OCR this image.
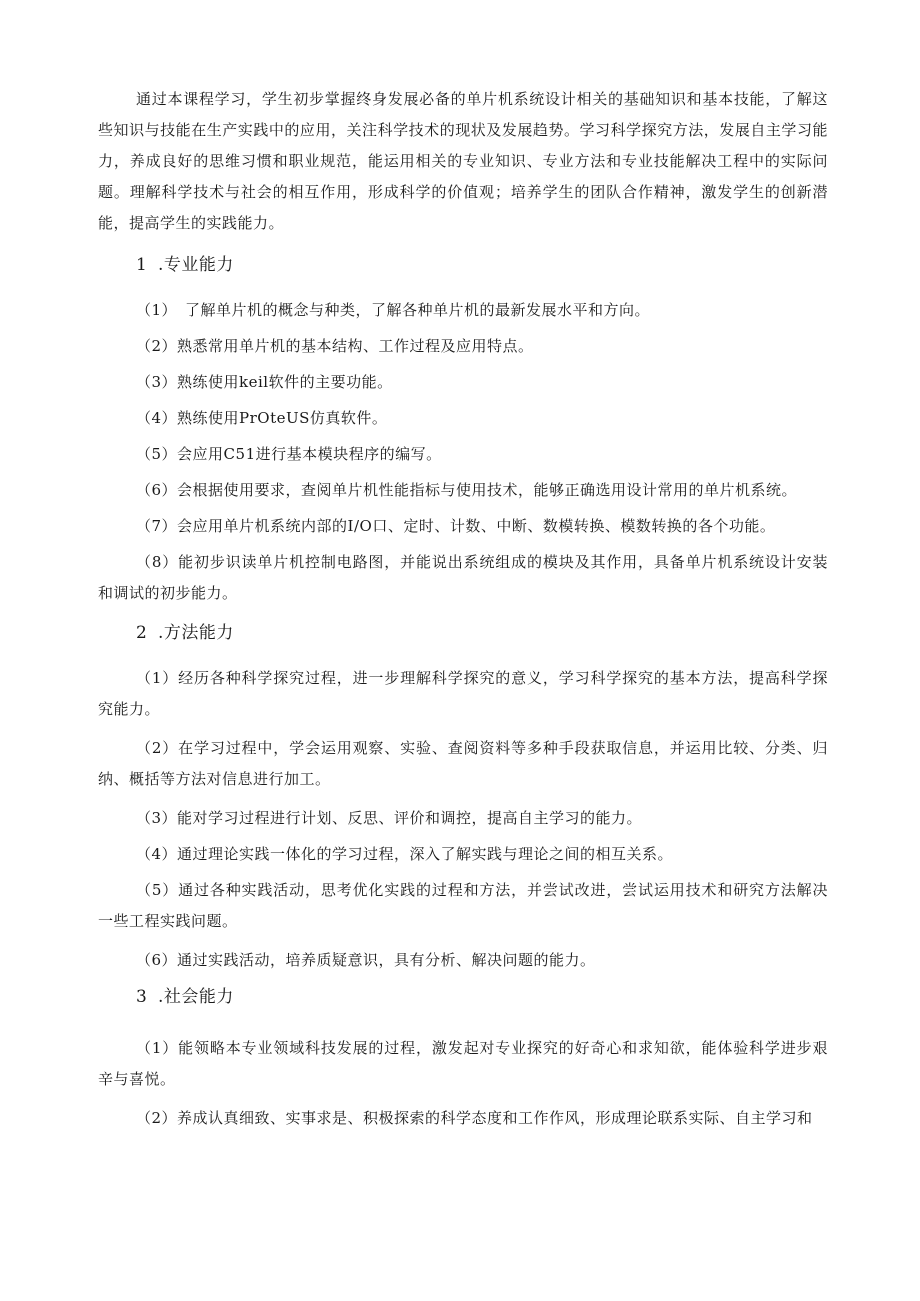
通过本课程学习，学生初步掌握终身发展必备的单片机系统设计相关的基础知识和基本技能，了解这些知识与技能在生产实践中的应用，关注科学技术的现状及发展趋势。学习科学探究方法，发展自主学习能力，养成良好的思维习惯和职业规范，能运用相关的专业知识、专业方法和专业技能解决工程中的实际问题。理解科学技术与社会的相互作用，形成科学的价值观；培养学生的团队合作精神，激发学生的创新潜能，提高学生的实践能力。

1 .专业能力

（1）　了解单片机的概念与种类，了解各种单片机的最新发展水平和方向。

（2）熟悉常用单片机的基本结构、工作过程及应用特点。

（3）熟练使用keil软件的主要功能。

（4）熟练使用PrOteUS仿真软件。

（5）会应用C51进行基本模块程序的编写。

（6）会根据使用要求，查阅单片机性能指标与使用技术，能够正确选用设计常用的单片机系统。

（7）会应用单片机系统内部的I/O口、定时、计数、中断、数模转换、模数转换的各个功能。

（8）能初步识读单片机控制电路图，并能说出系统组成的模块及其作用，具备单片机系统设计安装和调试的初步能力。

2 .方法能力

（1）经历各种科学探究过程，进一步理解科学探究的意义，学习科学探究的基本方法，提高科学探究能力。

（2）在学习过程中，学会运用观察、实验、查阅资料等多种手段获取信息，并运用比较、分类、归纳、概括等方法对信息进行加工。

（3）能对学习过程进行计划、反思、评价和调控，提高自主学习的能力。

（4）通过理论实践一体化的学习过程，深入了解实践与理论之间的相互关系。

（5）通过各种实践活动，思考优化实践的过程和方法，并尝试改进，尝试运用技术和研究方法解决一些工程实践问题。

（6）通过实践活动，培养质疑意识，具有分析、解决问题的能力。

3 .社会能力

（1）能领略本专业领域科技发展的过程，激发起对专业探究的好奇心和求知欲，能体验科学进步艰辛与喜悦。

（2）养成认真细致、实事求是、积极探索的科学态度和工作作风，形成理论联系实际、自主学习和
